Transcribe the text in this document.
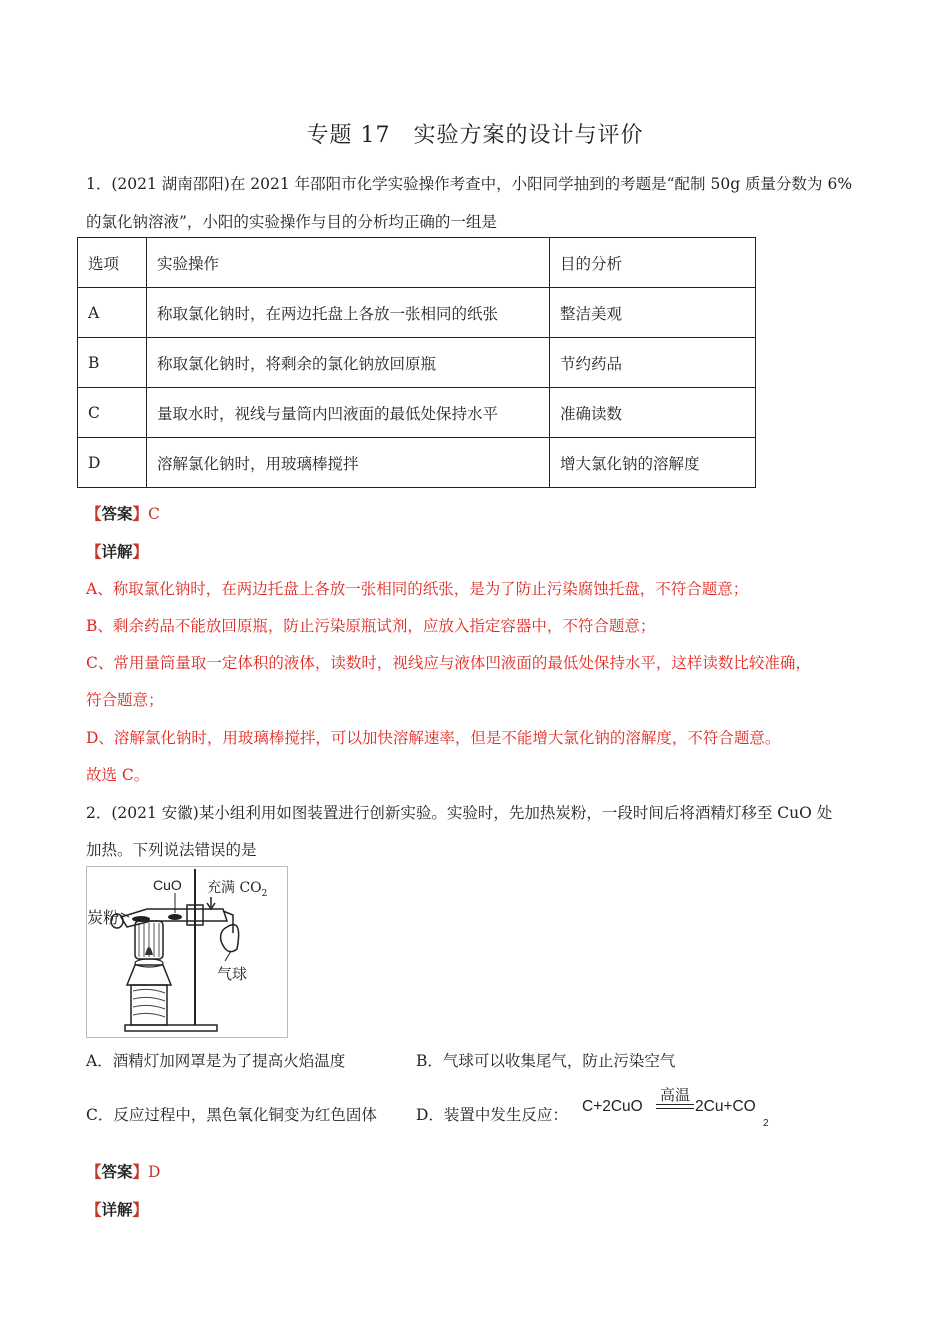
专题 17　实验方案的设计与评价
1．(2021 湖南邵阳)在 2021 年邵阳市化学实验操作考查中，小阳同学抽到的考题是“配制 50g 质量分数为 6%
的氯化钠溶液”，小阳的实验操作与目的分析均正确的一组是
选项	实验操作	目的分析
A	称取氯化钠时，在两边托盘上各放一张相同的纸张	整洁美观
B	称取氯化钠时，将剩余的氯化钠放回原瓶	节约药品
C	量取水时，视线与量筒内凹液面的最低处保持水平	准确读数
D	溶解氯化钠时，用玻璃棒搅拌	增大氯化钠的溶解度
【答案】C
【详解】
A、称取氯化钠时，在两边托盘上各放一张相同的纸张，是为了防止污染腐蚀托盘，不符合题意；
B、剩余药品不能放回原瓶，防止污染原瓶试剂，应放入指定容器中，不符合题意；
C、常用量筒量取一定体积的液体，读数时，视线应与液体凹液面的最低处保持水平，这样读数比较准确，
符合题意；
D、溶解氯化钠时，用玻璃棒搅拌，可以加快溶解速率，但是不能增大氯化钠的溶解度，不符合题意。
故选 C。
2．(2021 安徽)某小组利用如图装置进行创新实验。实验时，先加热炭粉，一段时间后将酒精灯移至 CuO 处
加热。下列说法错误的是
CuO 充满 $CO_2$
炭粉
气球
A．酒精灯加网罩是为了提高火焰温度	B．气球可以收集尾气，防止污染空气
C．反应过程中，黑色氧化铜变为红色固体	D．装置中发生反应： C+2CuO
高温
2Cu+CO
2
【答案】D
【详解】
